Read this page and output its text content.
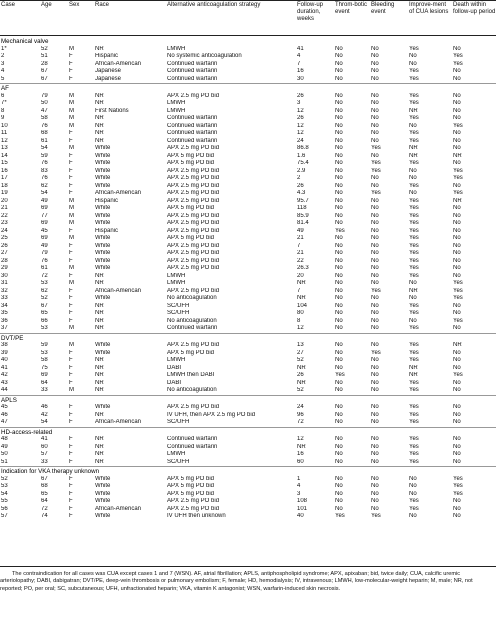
Case	Age	Sex	Race	Alternative anticoagulation strategy	Follow-up duration, weeks	Throm-botic event	Bleeding event	Improve-ment of CUA lesions	Death within follow-up period
Mechanical valve									
1*	52	M	NR	LMWH	41	No	No	Yes	No
2	51	F	Hispanic	No systemic anticoagulation	4	No	No	No	Yes
3	28	F	African-American	Continued warfarin	7	No	No	No	Yes
4	67	F	Japanese	Continued warfarin	16	No	No	Yes	No
5	67	F	Japanese	Continued warfarin	30	No	No	Yes	No
AF									
6	79	M	NR	APX 2.5 mg PO bid	26	No	No	Yes	No
7*	50	M	NR	LMWH	3	No	No	Yes	No
8	47	M	First Nations	LMWH	12	No	No	NR	No
9	58	M	NR	Continued warfarin	26	No	No	Yes	No
10	76	M	NR	Continued warfarin	12	No	No	No	Yes
11	68	F	NR	Continued warfarin	12	No	No	Yes	No
12	61	F	NR	Continued warfarin	24	No	No	Yes	No
13	54	M	White	APX 2.5 mg PO bid	86.8	No	Yes	NR	No
14	59	F	White	APX 5 mg PO bid	1.6	No	No	NR	NR
15	76	F	White	APX 5 mg PO bid	75.4	No	Yes	Yes	No
16	83	F	White	APX 2.5 mg PO bid	2.9	No	Yes	No	Yes
17	76	F	White	APX 2.5 mg PO bid	2	No	No	No	Yes
18	62	F	White	APX 2.5 mg PO bid	26	No	No	Yes	No
19	54	F	African-American	APX 2.5 mg PO bid	4.3	No	Yes	No	Yes
20	49	M	Hispanic	APX 2.5 mg PO bid	95.7	No	No	Yes	NR
21	69	M	White	APX 5 mg PO bid	118	No	No	Yes	No
22	77	M	White	APX 2.5 mg PO bid	85.9	No	No	Yes	No
23	69	M	White	APX 2.5 mg PO bid	81.4	No	No	Yes	No
24	45	F	Hispanic	APX 2.5 mg PO bid	49	Yes	No	Yes	No
25	69	M	White	APX 5 mg PO bid	21	No	No	Yes	No
26	49	F	White	APX 2.5 mg PO bid	7	No	No	Yes	No
27	79	F	White	APX 2.5 mg PO bid	21	No	No	Yes	No
28	76	F	White	APX 2.5 mg PO bid	22	No	No	Yes	No
29	61	M	White	APX 2.5 mg PO bid	26.3	No	No	Yes	No
30	72	F	NR	LMWH	20	No	No	Yes	No
31	53	M	NR	LMWH	NR	No	No	No	Yes
32	62	F	African-American	APX 2.5 mg PO bid	7	No	Yes	NR	Yes
33	52	F	White	No anticoagulation	NR	No	No	No	Yes
34	67	F	NR	SC/UFH	104	No	No	Yes	No
35	65	F	NR	SC/UFH	80	No	No	Yes	No
36	66	F	NR	No anticoagulation	8	No	No	No	Yes
37	53	M	NR	Continued warfarin	12	No	No	Yes	No
DVT/PE									
38	59	M	White	APX 2.5 mg PO bid	13	No	No	Yes	NR
39	53	F	White	APX 5 mg PO bid	27	No	Yes	Yes	No
40	58	F	NR	LMWH	52	No	No	Yes	No
41	75	F	NR	DABI	NR	No	No	NR	No
42	69	F	NR	LMWH then DABI	26	Yes	No	NR	Yes
43	64	F	NR	DABI	NR	No	No	Yes	No
44	33	M	NR	No anticoagulation	52	No	No	Yes	No
APLS									
45	46	F	White	APX 2.5 mg PO bid	24	No	No	Yes	No
46	42	F	NR	IV UFH, then APX 2.5 mg PO bid	96	No	No	Yes	No
47	54	F	African-American	SC/UFH	72	No	No	Yes	No
HD-access-related									
48	41	F	NR	Continued warfarin	12	No	No	Yes	No
49	60	F	NR	Continued warfarin	NR	No	No	Yes	No
50	57	F	NR	LMWH	16	No	No	Yes	No
51	33	F	NR	SC/UFH	60	No	No	Yes	No
Indication for VKA therapy unknown									
52	67	F	White	APX 5 mg PO bid	1	No	No	No	Yes
53	68	F	White	APX 5 mg PO bid	4	No	No	No	Yes
54	65	F	White	APX 5 mg PO bid	3	No	No	No	Yes
55	64	F	White	APX 2.5 mg PO bid	108	No	No	Yes	No
56	72	F	African-American	APX 2.5 mg PO bid	101	No	No	Yes	No
57	74	F	White	IV UFH then unknown	40	Yes	Yes	No	No
The contraindication for all cases was CUA except cases 1 and 7 (WSN). AF, atrial fibrillation; APLS, antiphospholipid syndrome; APX, apixaban; bid, twice daily; CUA, calcific uremic arteriolopathy; DABI, dabigatran; DVT/PE, deep-vein thrombosis or pulmonary embolism; F, female; HD, hemodialysis; IV, intravenous; LMWH, low-molecular-weight heparin; M, male; NR, not reported; PO, per oral; SC, subcutaneous; UFH, unfractionated heparin; VKA, vitamin K antagonist; WSN, warfarin-induced skin necrosis.
